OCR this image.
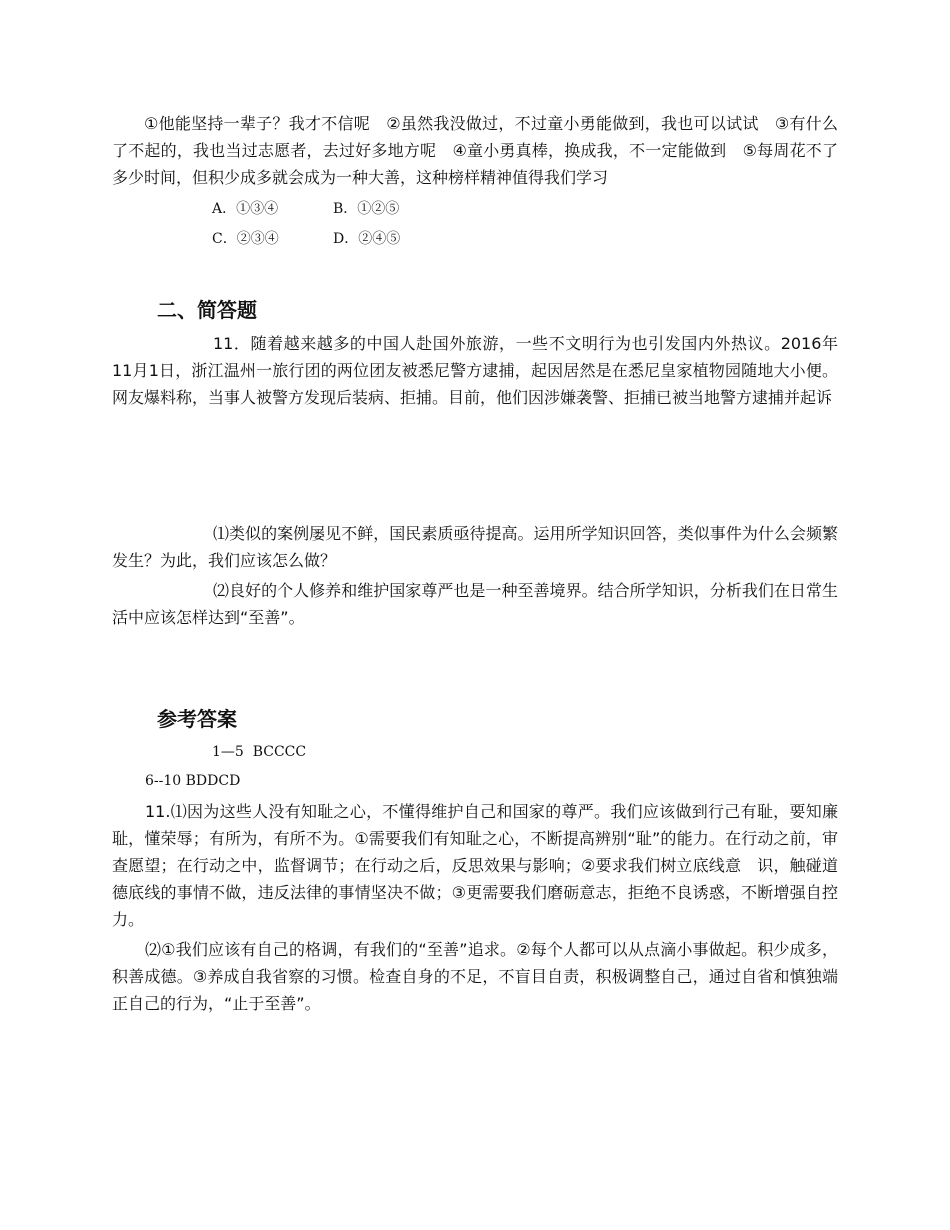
①他能坚持一辈子？我才不信呢　②虽然我没做过，不过童小勇能做到，我也可以试试　③有什么了不起的，我也当过志愿者，去过好多地方呢　④童小勇真棒，换成我，不一定能做到　⑤每周花不了多少时间，但积少成多就会成为一种大善，这种榜样精神值得我们学习

A．①③④	B．①②⑤
C．②③④	D．②④⑤
二、简答题

11．随着越来越多的中国人赴国外旅游，一些不文明行为也引发国内外热议。2016年11月1日，浙江温州一旅行团的两位团友被悉尼警方逮捕，起因居然是在悉尼皇家植物园随地大小便。网友爆料称，当事人被警方发现后装病、拒捕。目前，他们因涉嫌袭警、拒捕已被当地警方逮捕并起诉

⑴类似的案例屡见不鲜，国民素质亟待提高。运用所学知识回答，类似事件为什么会频繁发生？为此，我们应该怎么做？

⑵良好的个人修养和维护国家尊严也是一种至善境界。结合所学知识，分析我们在日常生活中应该怎样达到“至善”。

参考答案
1—5  BCCCC
6--10 BDDCD

11.⑴因为这些人没有知耻之心，不懂得维护自己和国家的尊严。我们应该做到行己有耻，要知廉耻，懂荣辱；有所为，有所不为。①需要我们有知耻之心，不断提高辨别“耻”的能力。在行动之前，审查愿望；在行动之中，监督调节；在行动之后，反思效果与影响；②要求我们树立底线意　识，触碰道德底线的事情不做，违反法律的事情坚决不做；③更需要我们磨砺意志，拒绝不良诱惑，不断增强自控力。

⑵①我们应该有自己的格调，有我们的“至善”追求。②每个人都可以从点滴小事做起。积少成多，积善成德。③养成自我省察的习惯。检查自身的不足，不盲目自责，积极调整自己，通过自省和慎独端正自己的行为，“止于至善”。
